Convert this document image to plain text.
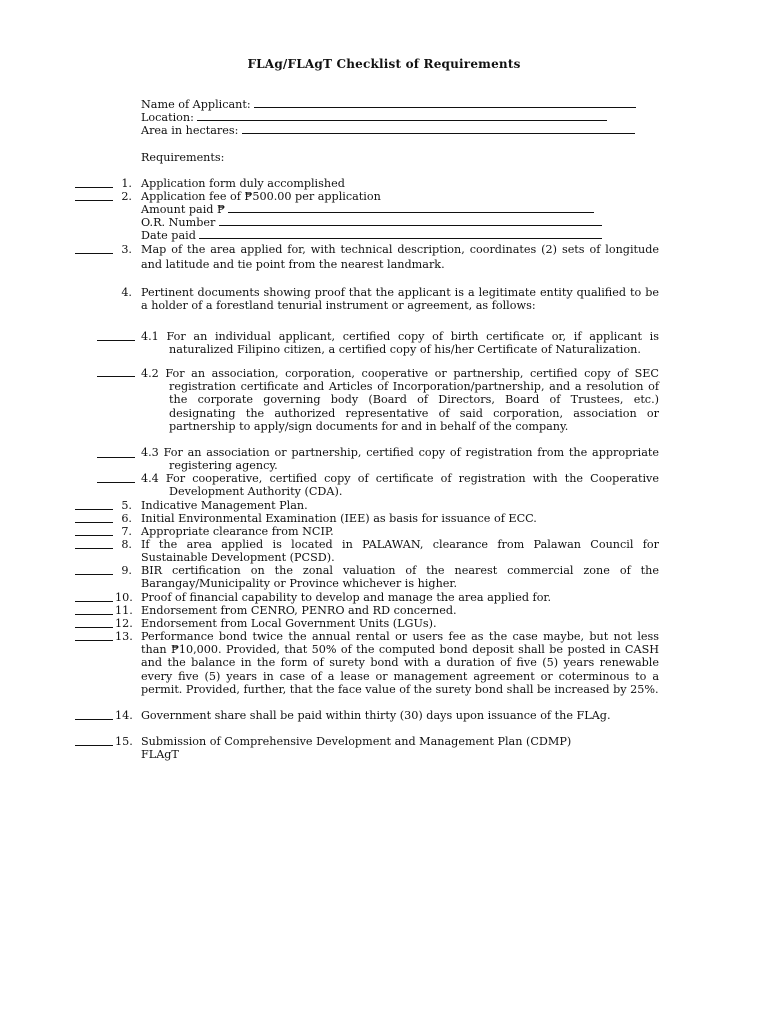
FLAg/FLAgT Checklist of Requirements
Name of Applicant:
Location:
Area in hectares:
Requirements:
1. Application form duly accomplished
2. Application fee of ₱500.00 per application
Amount paid ₱
O.R. Number
Date paid
3. Map of the area applied for, with technical description, coordinates (2) sets of longitude and latitude and tie point from the nearest landmark.
4. Pertinent documents showing proof that the applicant is a legitimate entity qualified to be a holder of a forestland tenurial instrument or agreement, as follows:
4.1 For an individual applicant, certified copy of birth certificate or, if applicant is naturalized Filipino citizen, a certified copy of his/her Certificate of Naturalization.
4.2 For an association, corporation, cooperative or partnership, certified copy of SEC registration certificate and Articles of Incorporation/partnership, and a resolution of the corporate governing body (Board of Directors, Board of Trustees, etc.) designating the authorized representative of said corporation, association or partnership to apply/sign documents for and in behalf of the company.
4.3 For an association or partnership, certified copy of registration from the appropriate registering agency.
4.4 For cooperative, certified copy of certificate of registration with the Cooperative Development Authority (CDA).
5. Indicative Management Plan.
6. Initial Environmental Examination (IEE) as basis for issuance of ECC.
7. Appropriate clearance from NCIP.
8. If the area applied is located in PALAWAN, clearance from Palawan Council for Sustainable Development (PCSD).
9. BIR certification on the zonal valuation of the nearest commercial zone of the Barangay/Municipality or Province whichever is higher.
10. Proof of financial capability to develop and manage the area applied for.
11. Endorsement from CENRO, PENRO and RD concerned.
12. Endorsement from Local Government Units (LGUs).
13. Performance bond twice the annual rental or users fee as the case maybe, but not less than ₱10,000. Provided, that 50% of the computed bond deposit shall be posted in CASH and the balance in the form of surety bond with a duration of five (5) years renewable every five (5) years in case of a lease or management agreement or coterminous to a permit. Provided, further, that the face value of the surety bond shall be increased by 25%.
14. Government share shall be paid within thirty (30) days upon issuance of the FLAg.
15. Submission of Comprehensive Development and Management Plan (CDMP)
FLAgT
